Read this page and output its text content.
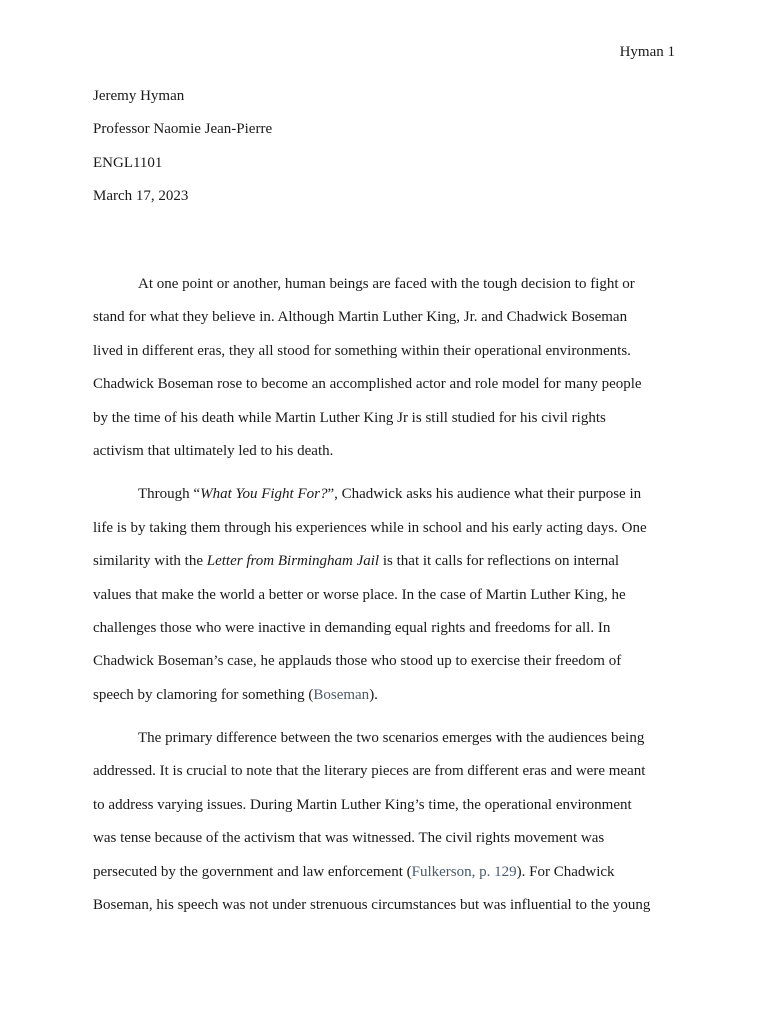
Hyman 1
Jeremy Hyman
Professor Naomie Jean-Pierre
ENGL1101
March 17, 2023
At one point or another, human beings are faced with the tough decision to fight or
stand for what they believe in. Although Martin Luther King, Jr. and Chadwick Boseman
lived in different eras, they all stood for something within their operational environments.
Chadwick Boseman rose to become an accomplished actor and role model for many people
by the time of his death while Martin Luther King Jr is still studied for his civil rights
activism that ultimately led to his death.
Through “What You Fight For?”, Chadwick asks his audience what their purpose in
life is by taking them through his experiences while in school and his early acting days. One
similarity with the Letter from Birmingham Jail is that it calls for reflections on internal
values that make the world a better or worse place. In the case of Martin Luther King, he
challenges those who were inactive in demanding equal rights and freedoms for all. In
Chadwick Boseman’s case, he applauds those who stood up to exercise their freedom of
speech by clamoring for something (Boseman).
The primary difference between the two scenarios emerges with the audiences being
addressed. It is crucial to note that the literary pieces are from different eras and were meant
to address varying issues. During Martin Luther King’s time, the operational environment
was tense because of the activism that was witnessed. The civil rights movement was
persecuted by the government and law enforcement (Fulkerson, p. 129). For Chadwick
Boseman, his speech was not under strenuous circumstances but was influential to the young
